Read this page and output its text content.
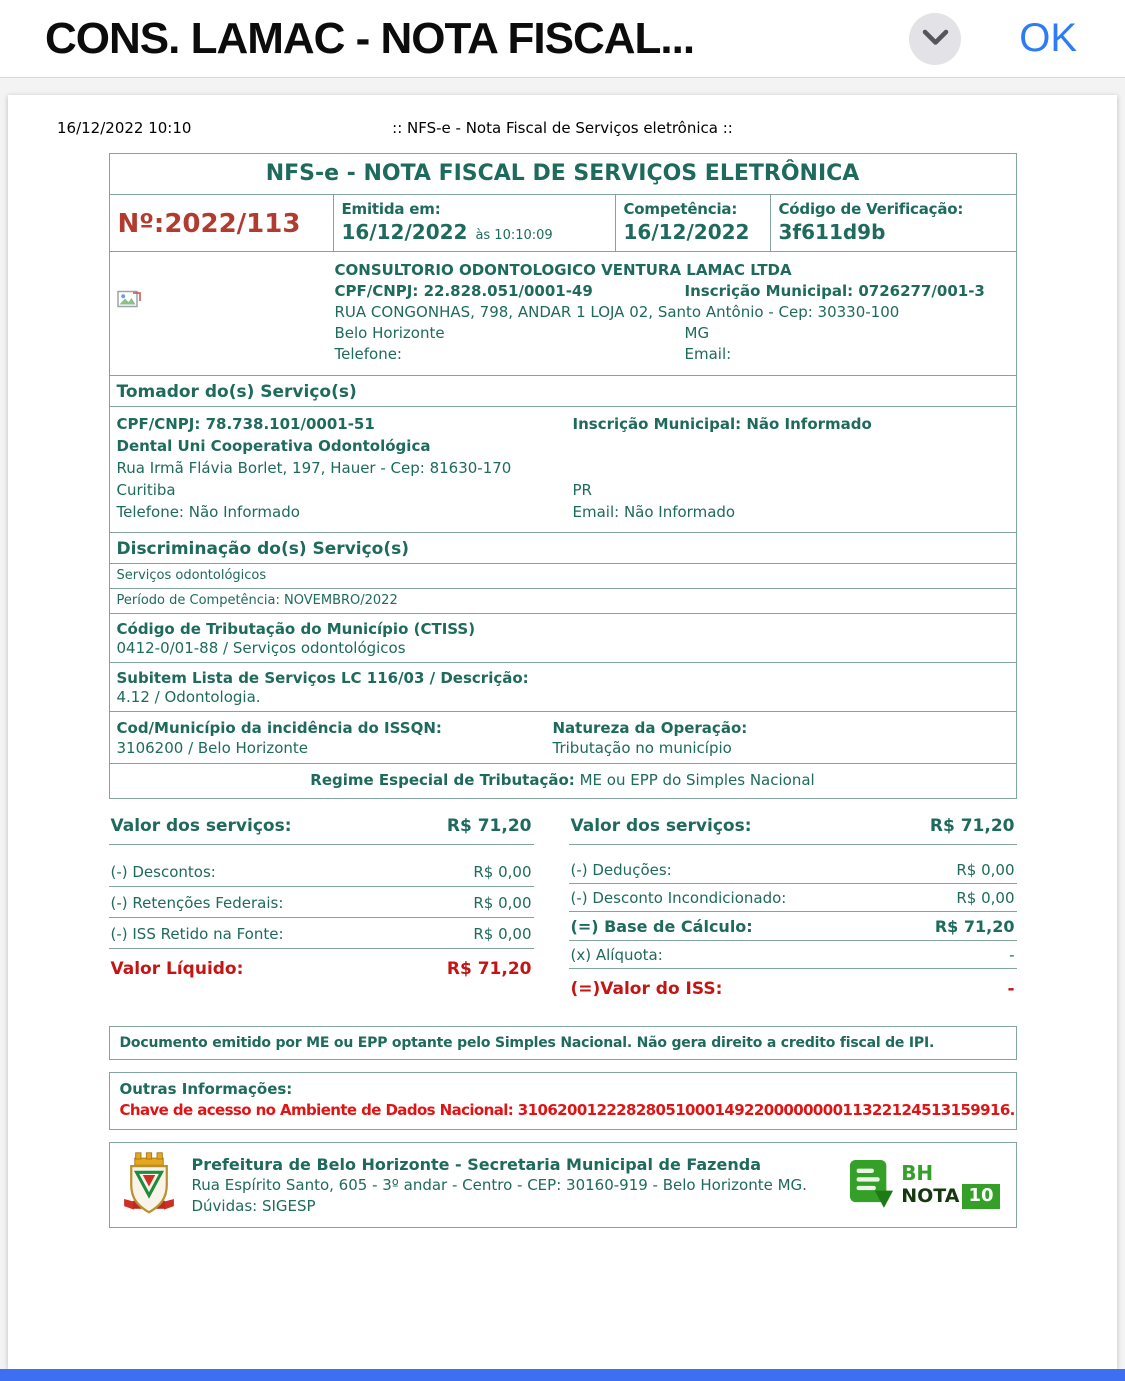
CONS. LAMAC - NOTA FISCAL...	OK
16/12/2022 10:10	:: NFS-e - Nota Fiscal de Serviços eletrônica ::
NFS-e - NOTA FISCAL DE SERVIÇOS ELETRÔNICA
Nº:2022/113	Emitida em:
16/12/2022 às 10:10:09
Competência:
16/12/2022
Código de Verificação:
3f611d9b
CONSULTORIO ODONTOLOGICO VENTURA LAMAC LTDA
CPF/CNPJ: 22.828.051/0001-49	Inscrição Municipal: 0726277/001-3
RUA CONGONHAS, 798, ANDAR 1 LOJA 02, Santo Antônio - Cep: 30330-100
Belo Horizonte	MG
Telefone:	Email:
Tomador do(s) Serviço(s)
CPF/CNPJ: 78.738.101/0001-51	Inscrição Municipal: Não Informado
Dental Uni Cooperativa Odontológica
Rua Irmã Flávia Borlet, 197, Hauer - Cep: 81630-170
Curitiba	PR
Telefone: Não Informado	Email: Não Informado
Discriminação do(s) Serviço(s)
Serviços odontológicos
Período de Competência: NOVEMBRO/2022
Código de Tributação do Município (CTISS)
0412-0/01-88 / Serviços odontológicos
Subitem Lista de Serviços LC 116/03 / Descrição:
4.12 / Odontologia.
Cod/Município da incidência do ISSQN:
3106200 / Belo Horizonte
Natureza da Operação:
Tributação no município
Regime Especial de Tributação: ME ou EPP do Simples Nacional
Valor dos serviços:	R$ 71,20
(-) Descontos:	R$ 0,00
(-) Retenções Federais:	R$ 0,00
(-) ISS Retido na Fonte:	R$ 0,00
Valor Líquido:	R$ 71,20
Valor dos serviços:	R$ 71,20
(-) Deduções:	R$ 0,00
(-) Desconto Incondicionado:	R$ 0,00
(=) Base de Cálculo:	R$ 71,20
(x) Alíquota:	-
(=)Valor do ISS:	-
Documento emitido por ME ou EPP optante pelo Simples Nacional. Não gera direito a credito fiscal de IPI.
Outras Informações:
Chave de acesso no Ambiente de Dados Nacional: 31062001222828051000149220000000011322124513159916.
Prefeitura de Belo Horizonte - Secretaria Municipal de Fazenda
Rua Espírito Santo, 605 - 3º andar - Centro - CEP: 30160-919 - Belo Horizonte MG.
Dúvidas: SIGESP
BH
NOTA 10
